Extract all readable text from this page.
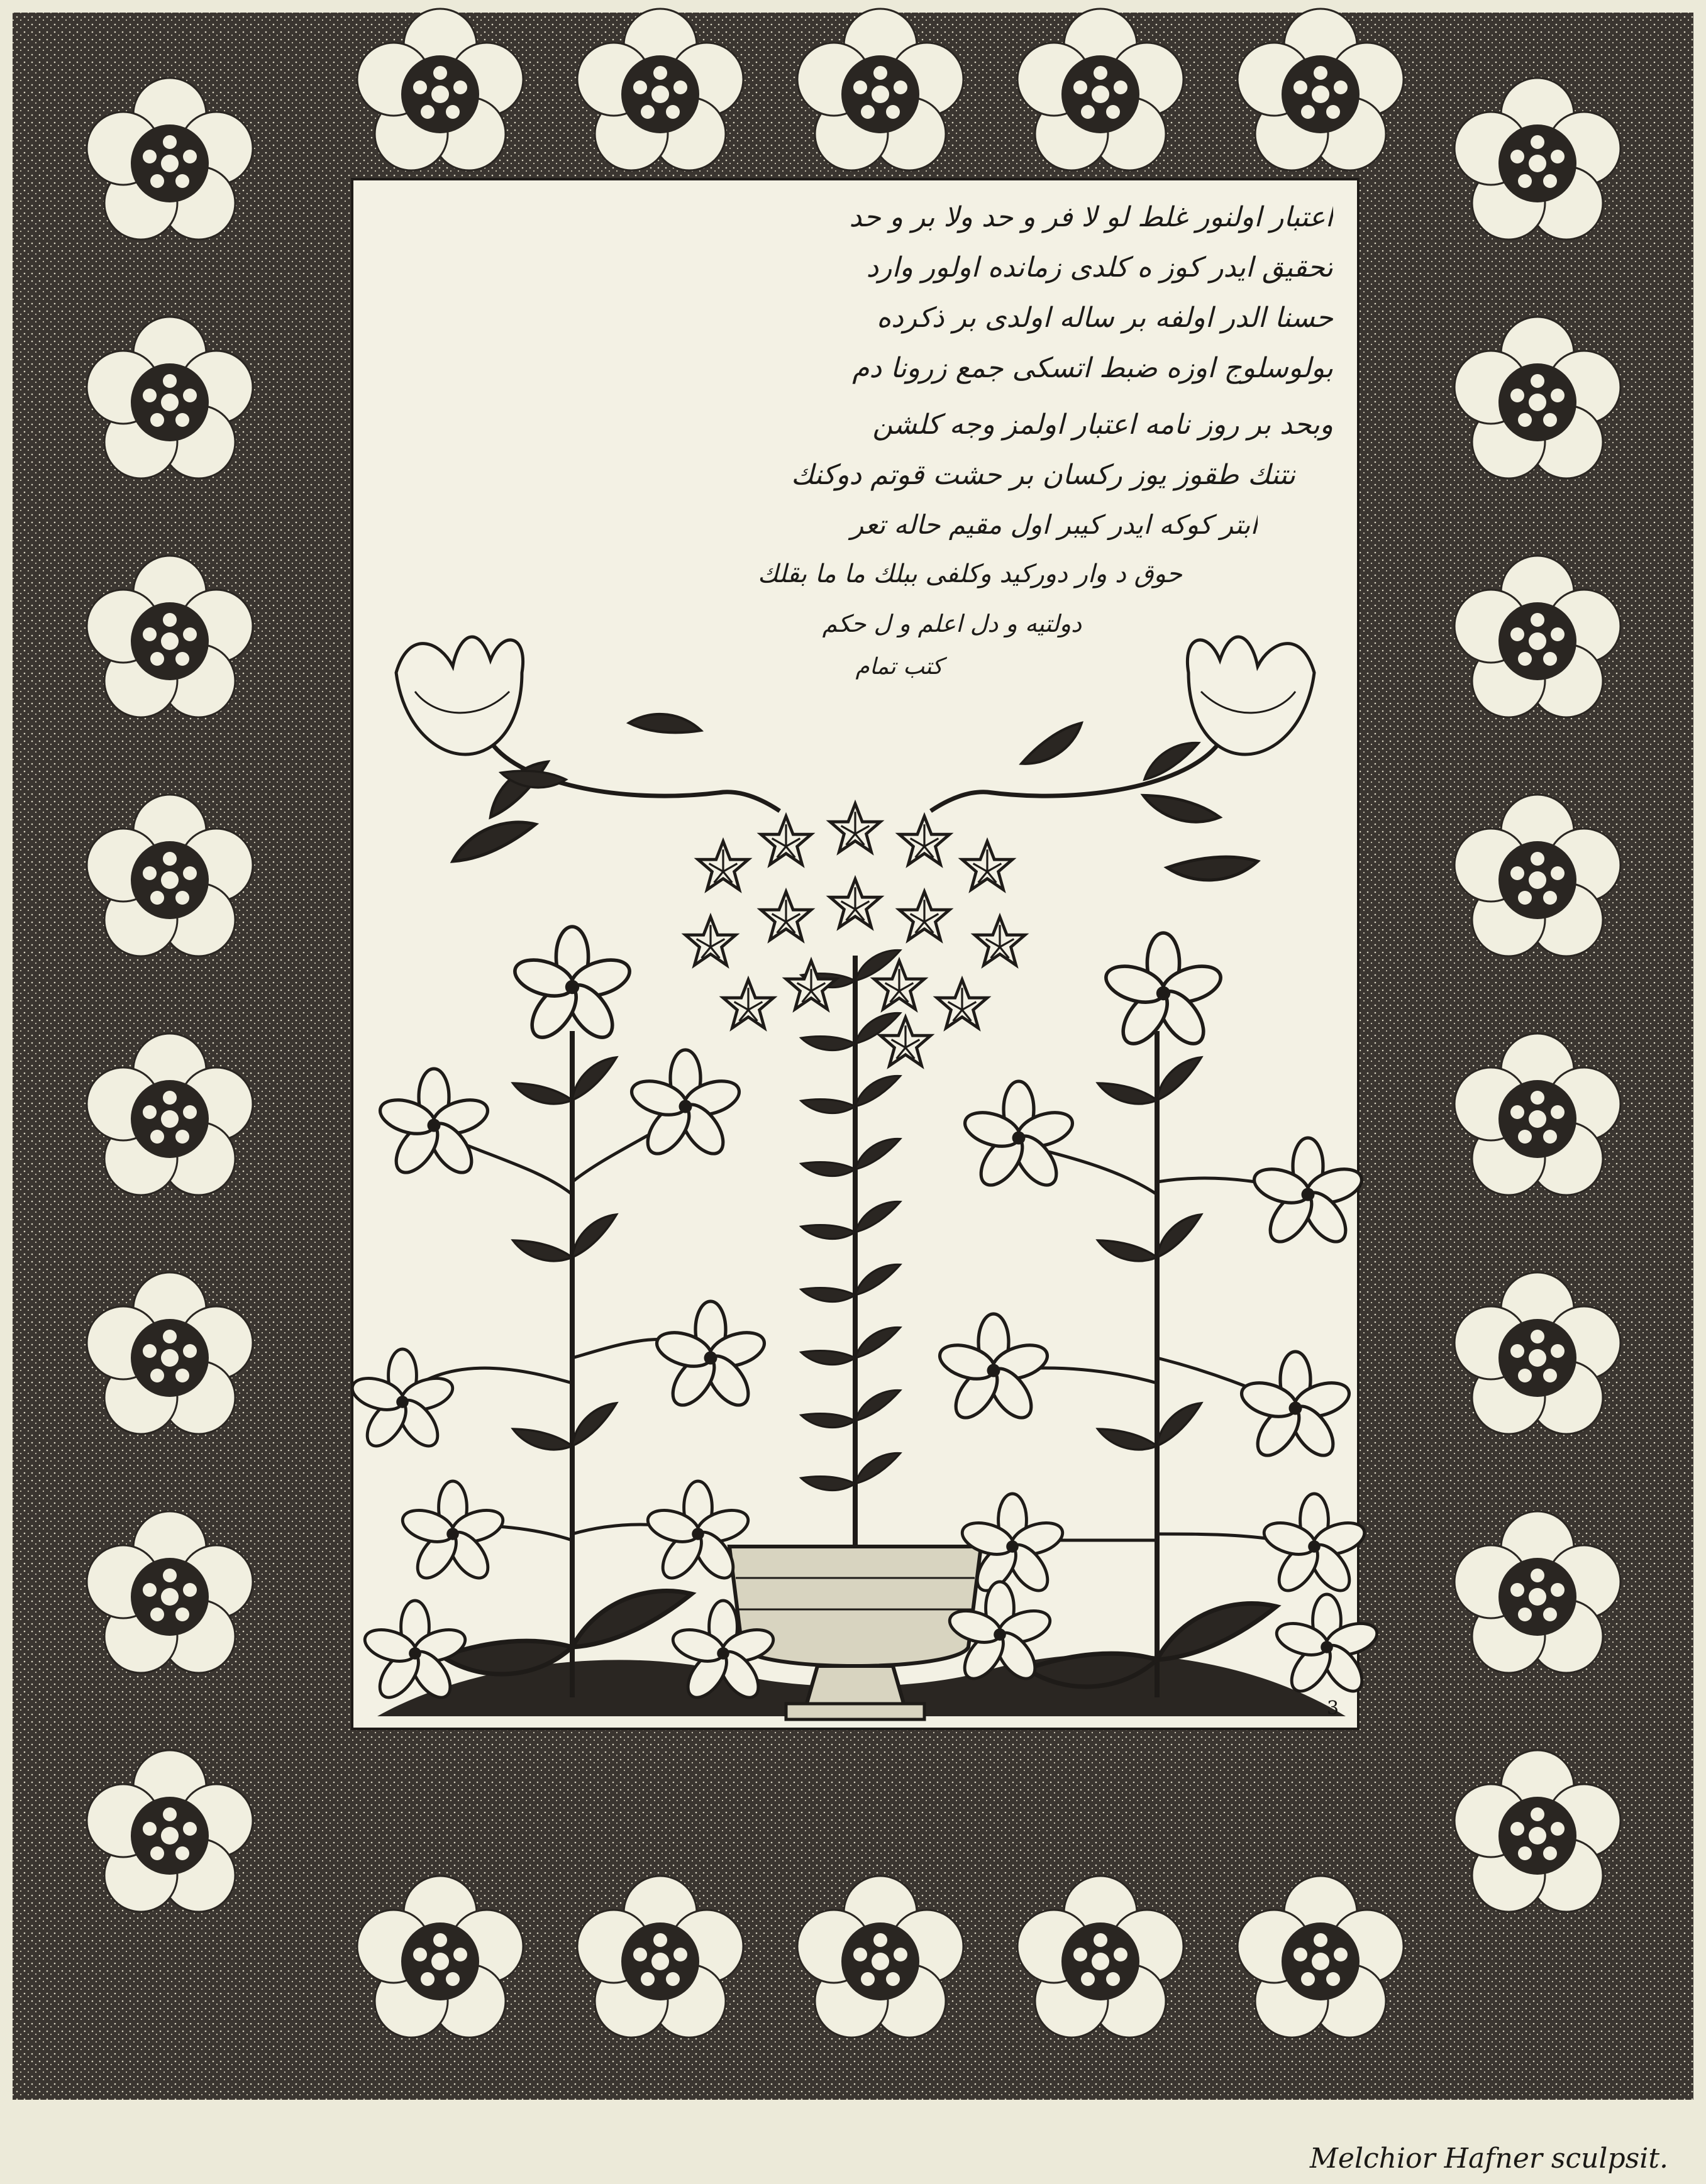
اعتبار اولنور غلط لو لا فر و حد ولا بر و حد
تحقيق ايدر كوز ه كلدى زمانده اولور وارد
حسنا الدر اولفه بر ساله اولدى بر ذكرده
بولوسلوج اوزه ضبط اتسكى جمع زرونا دم
وبحد بر روز نامه اعتبار اولمز وجه كلشن
نتنك طقوز يوز ركسان بر حشت قوتم دوكنك
ابتر كوكه ايدر كيبر اول مقيم حاله تعر
حوق د وار دوركيد وكلفى ببلك ما ما بقلك
دولتيه و دل اعلم و ل حكم
كتب تمام
3
Melchior Hafner sculpsit.
